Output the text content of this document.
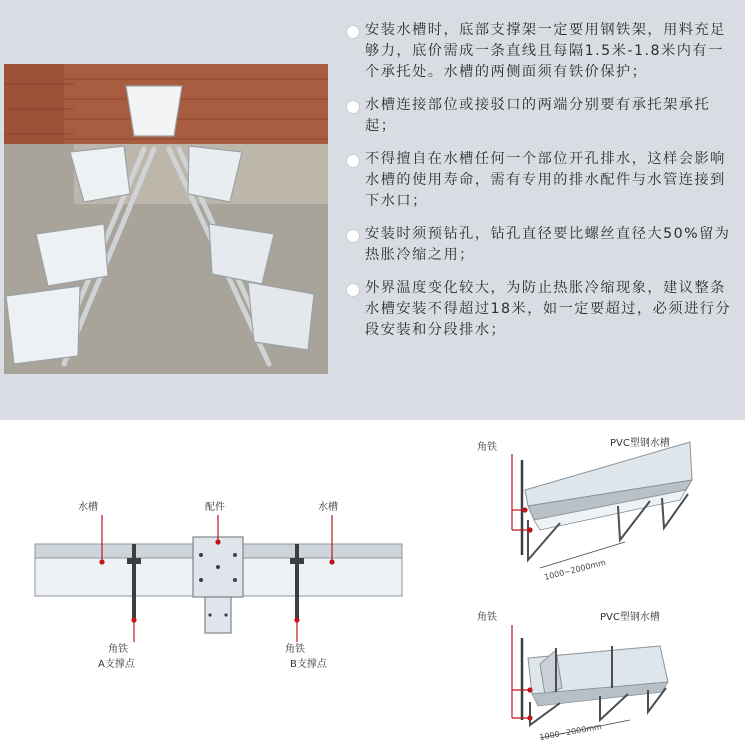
安装水槽时，底部支撑架一定要用钢铁架，用料充足够力，底价需成一条直线且每隔1.5米-1.8米内有一个承托处。水槽的两侧面须有铁价保护；
水槽连接部位或接驳口的两端分别要有承托架承托起；
不得擅自在水槽任何一个部位开孔排水，这样会影响水槽的使用寿命，需有专用的排水配件与水管连接到下水口；
安装时须预钻孔，钻孔直径要比螺丝直径大50%留为热胀冷缩之用；
外界温度变化较大，为防止热胀冷缩现象，建议整条水槽安装不得超过18米，如一定要超过，必须进行分段安装和分段排水；
水槽	配件	水槽
角铁
A支撑点
角铁
B支撑点
1000~2000mm
角铁	PVC塑钢水槽
1000~2000mm
角铁	PVC塑钢水槽
